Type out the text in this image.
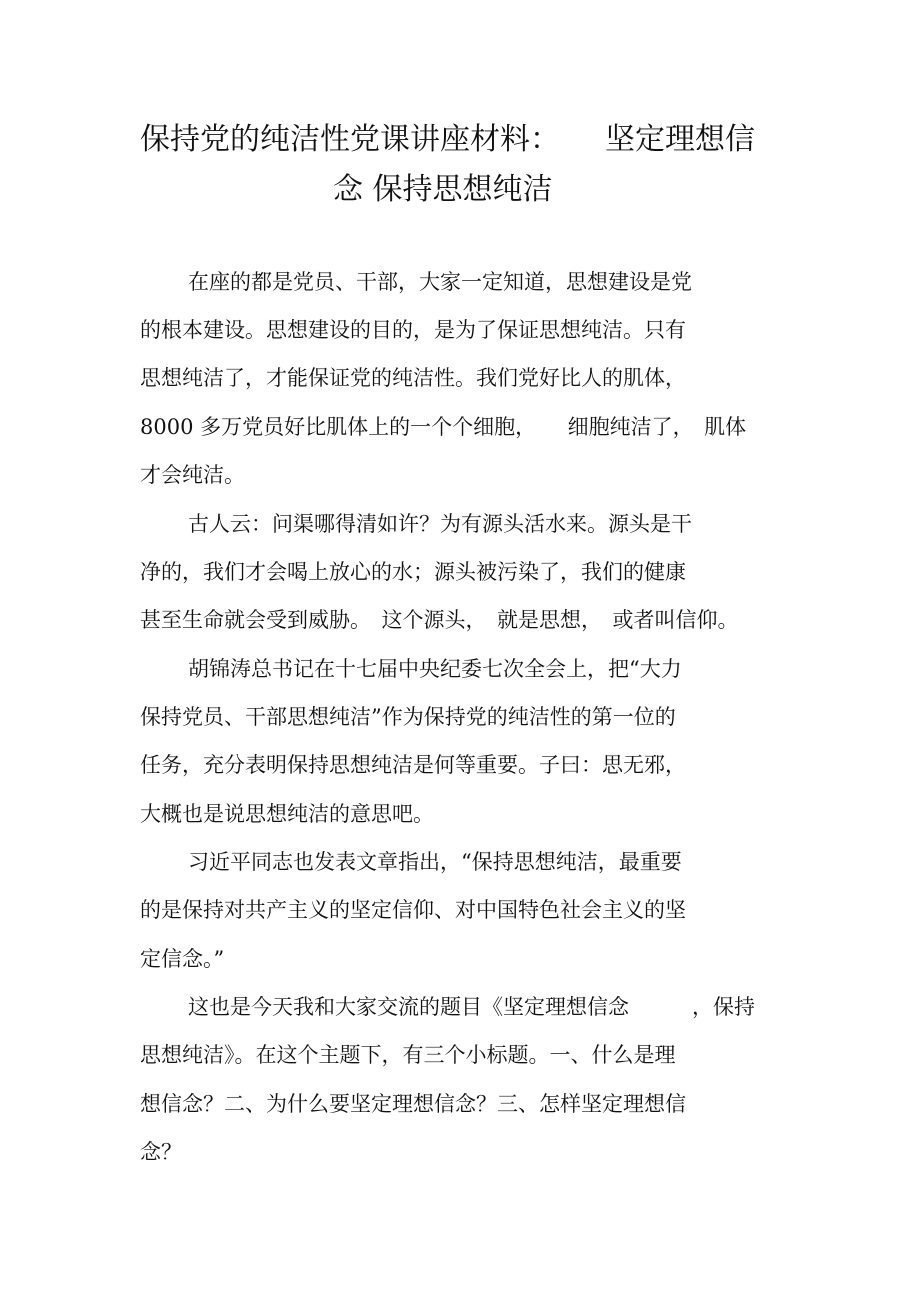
保持党的纯洁性党课讲座材料：　　坚定理想信
念 保持思想纯洁
在座的都是党员、干部，大家一定知道，思想建设是党
的根本建设。思想建设的目的，是为了保证思想纯洁。只有
思想纯洁了，才能保证党的纯洁性。我们党好比人的肌体，
8000 多万党员好比肌体上的一个个细胞，　　细胞纯洁了，　肌体
才会纯洁。
古人云：问渠哪得清如许？为有源头活水来。源头是干
净的，我们才会喝上放心的水；源头被污染了，我们的健康
甚至生命就会受到威胁。　这个源头，　就是思想，　或者叫信仰。
胡锦涛总书记在十七届中央纪委七次全会上，把“大力
保持党员、干部思想纯洁”作为保持党的纯洁性的第一位的
任务，充分表明保持思想纯洁是何等重要。子曰：思无邪，
大概也是说思想纯洁的意思吧。
习近平同志也发表文章指出，“保持思想纯洁，最重要
的是保持对共产主义的坚定信仰、对中国特色社会主义的坚
定信念。”
这也是今天我和大家交流的题目《坚定理想信念　　　，保持
思想纯洁》。在这个主题下，有三个小标题。一、什么是理
想信念？二、为什么要坚定理想信念？三、怎样坚定理想信
念？
